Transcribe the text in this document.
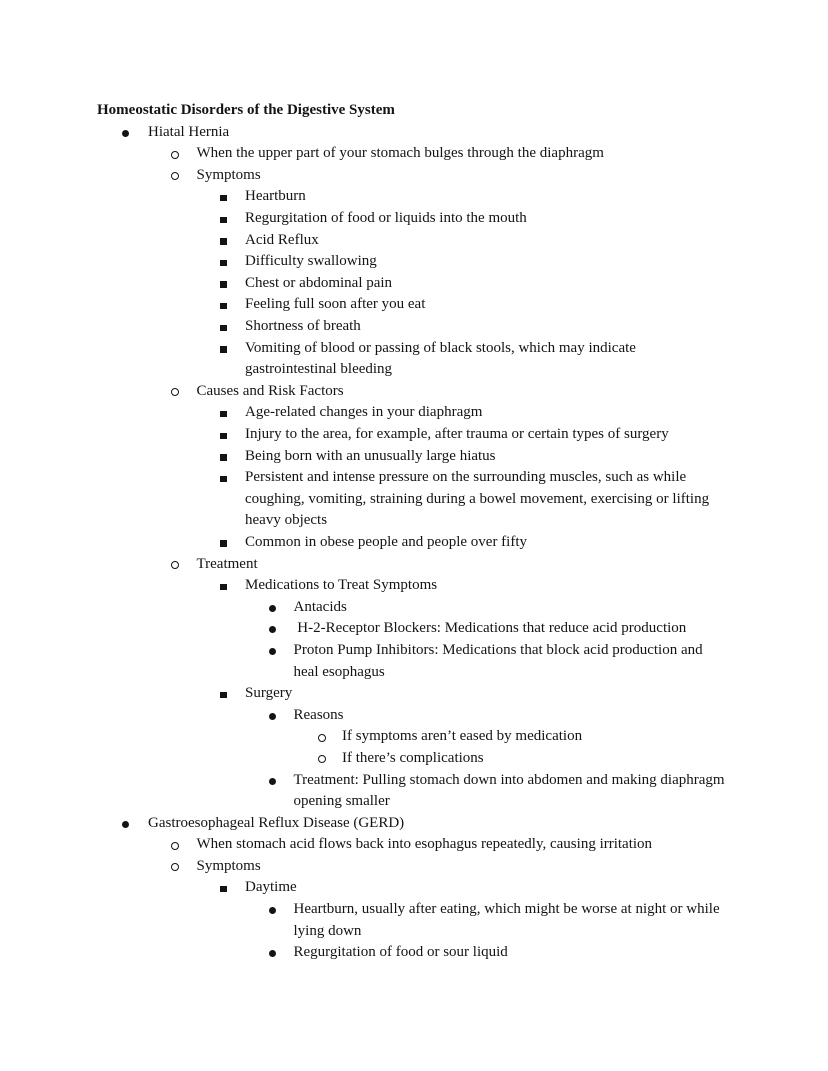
Homeostatic Disorders of the Digestive System
Hiatal Hernia
When the upper part of your stomach bulges through the diaphragm
Symptoms
Heartburn
Regurgitation of food or liquids into the mouth
Acid Reflux
Difficulty swallowing
Chest or abdominal pain
Feeling full soon after you eat
Shortness of breath
Vomiting of blood or passing of black stools, which may indicate gastrointestinal bleeding
Causes and Risk Factors
Age-related changes in your diaphragm
Injury to the area, for example, after trauma or certain types of surgery
Being born with an unusually large hiatus
Persistent and intense pressure on the surrounding muscles, such as while coughing, vomiting, straining during a bowel movement, exercising or lifting heavy objects
Common in obese people and people over fifty
Treatment
Medications to Treat Symptoms
Antacids
H-2-Receptor Blockers: Medications that reduce acid production
Proton Pump Inhibitors: Medications that block acid production and heal esophagus
Surgery
Reasons
If symptoms aren’t eased by medication
If there’s complications
Treatment: Pulling stomach down into abdomen and making diaphragm opening smaller
Gastroesophageal Reflux Disease (GERD)
When stomach acid flows back into esophagus repeatedly, causing irritation
Symptoms
Daytime
Heartburn, usually after eating, which might be worse at night or while lying down
Regurgitation of food or sour liquid
